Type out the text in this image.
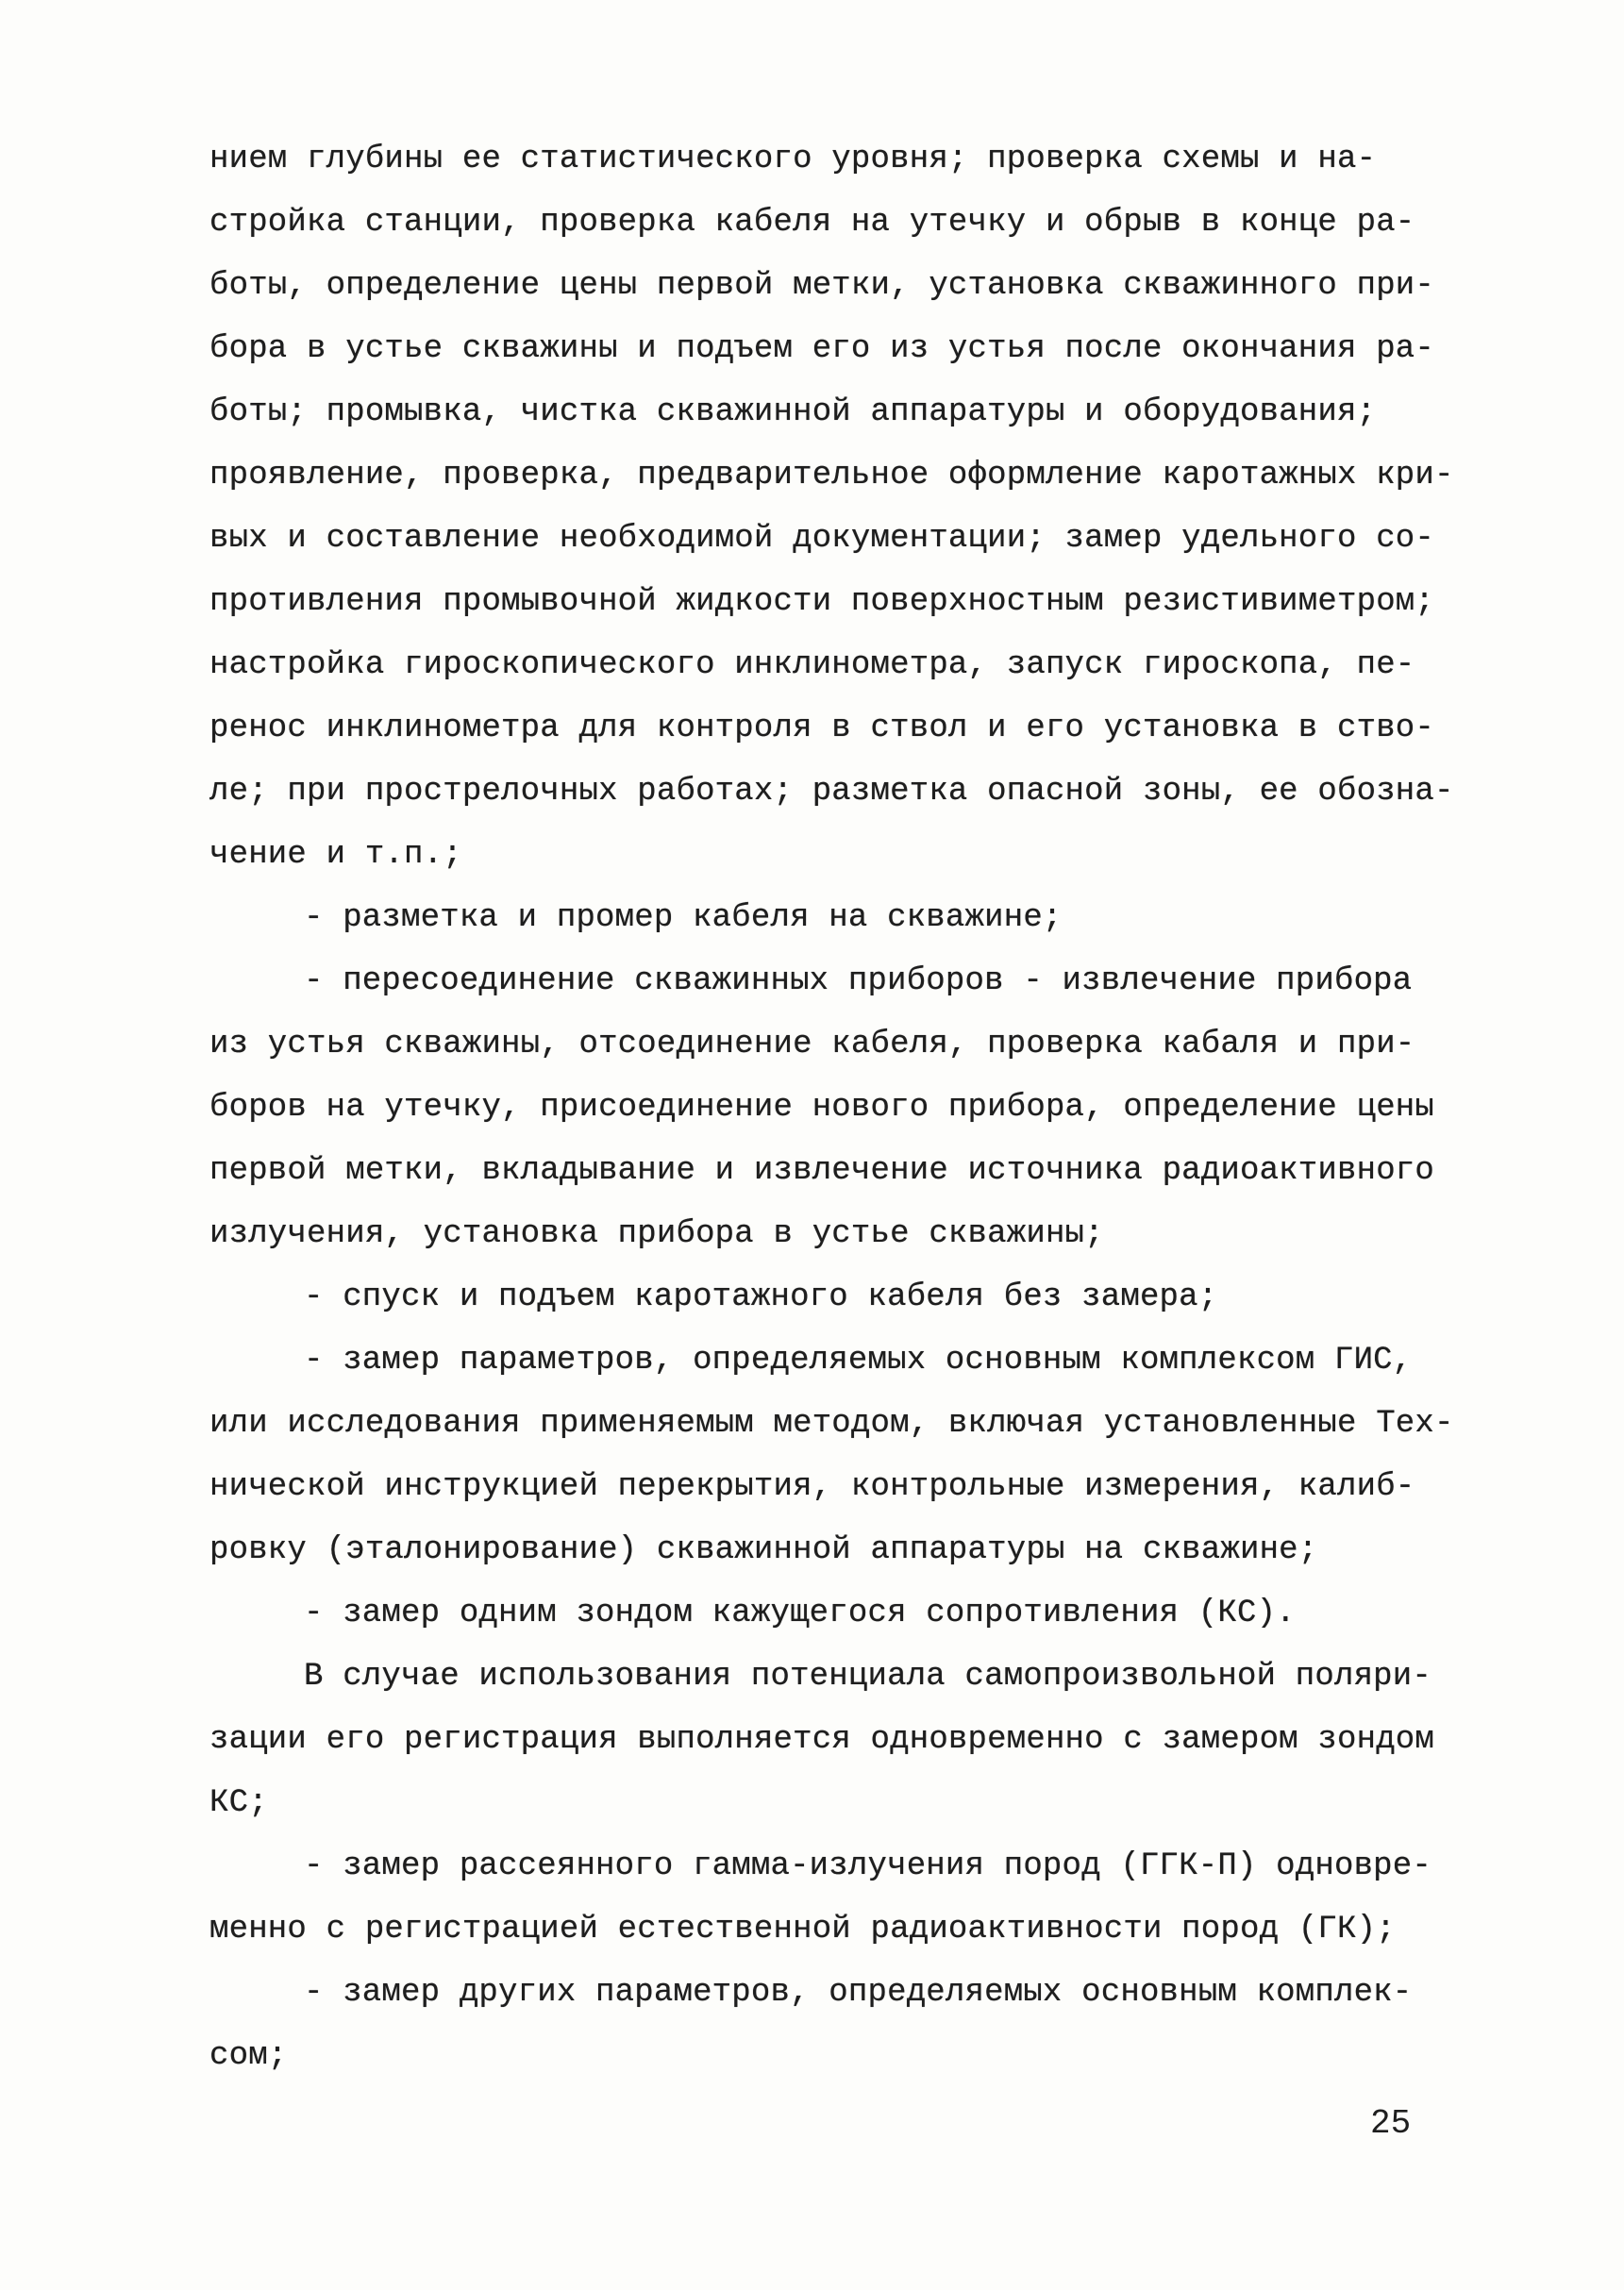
нием глубины ее статистического уровня; проверка схемы и на-
стройка станции, проверка кабеля на утечку и обрыв в конце ра-
боты, определение цены первой метки, установка скважинного при-
бора в устье скважины и подъем его из устья после окончания ра-
боты; промывка, чистка скважинной аппаратуры и оборудования;
проявление, проверка, предварительное оформление каротажных кри-
вых и составление необходимой документации; замер удельного со-
противления промывочной жидкости поверхностным резистивиметром;
настройка гироскопического инклинометра, запуск гироскопа, пе-
ренос инклинометра для контроля в ствол и его установка в ство-
ле; при прострелочных работах; разметка опасной зоны, ее обозна-
чение и т.п.;
- разметка и промер кабеля на скважине;
- пересоединение скважинных приборов - извлечение прибора
из устья скважины, отсоединение кабеля, проверка кабаля и при-
боров на утечку, присоединение нового прибора, определение цены
первой метки, вкладывание и извлечение источника радиоактивного
излучения, установка прибора в устье скважины;
- спуск и подъем каротажного кабеля без замера;
- замер параметров, определяемых основным комплексом ГИС,
или исследования применяемым методом, включая установленные Тех-
нической инструкцией перекрытия, контрольные измерения, калиб-
ровку (эталонирование) скважинной аппаратуры на скважине;
- замер одним зондом кажущегося сопротивления (КС).
В случае использования потенциала самопроизвольной поляри-
зации его регистрация выполняется одновременно с замером зондом
КС;
- замер рассеянного гамма-излучения пород (ГГК-П) одновре-
менно с регистрацией естественной радиоактивности пород (ГК);
- замер других параметров, определяемых основным комплек-
сом;
25
